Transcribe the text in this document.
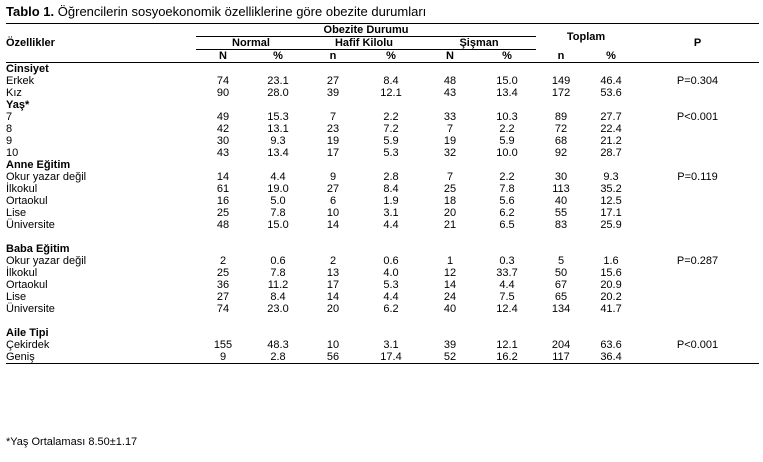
Tablo 1. Öğrencilerin sosyoekonomik özelliklerine göre obezite durumları
Özellikler	Obezite Durumu						Toplam		P
	Normal		Hafif Kilolu		Şişman				
	N	%	n	%	N	%	n	%	
Cinsiyet									
Erkek	74	23.1	27	8.4	48	15.0	149	46.4	P=0.304
Kız	90	28.0	39	12.1	43	13.4	172	53.6	
Yaş*									
7	49	15.3	7	2.2	33	10.3	89	27.7	P<0.001
8	42	13.1	23	7.2	7	2.2	72	22.4	
9	30	9.3	19	5.9	19	5.9	68	21.2	
10	43	13.4	17	5.3	32	10.0	92	28.7	
Anne Eğitim									
Okur yazar değil	14	4.4	9	2.8	7	2.2	30	9.3	P=0.119
İlkokul	61	19.0	27	8.4	25	7.8	113	35.2	
Ortaokul	16	5.0	6	1.9	18	5.6	40	12.5	
Lise	25	7.8	10	3.1	20	6.2	55	17.1	
Üniversite	48	15.0	14	4.4	21	6.5	83	25.9	

Baba Eğitim									
Okur yazar değil	2	0.6	2	0.6	1	0.3	5	1.6	P=0.287
İlkokul	25	7.8	13	4.0	12	33.7	50	15.6	
Ortaokul	36	11.2	17	5.3	14	4.4	67	20.9	
Lise	27	8.4	14	4.4	24	7.5	65	20.2	
Üniversite	74	23.0	20	6.2	40	12.4	134	41.7	

Aile Tipi									
Çekirdek	155	48.3	10	3.1	39	12.1	204	63.6	P<0.001
Geniş	9	2.8	56	17.4	52	16.2	117	36.4	
*Yaş Ortalaması 8.50±1.17
